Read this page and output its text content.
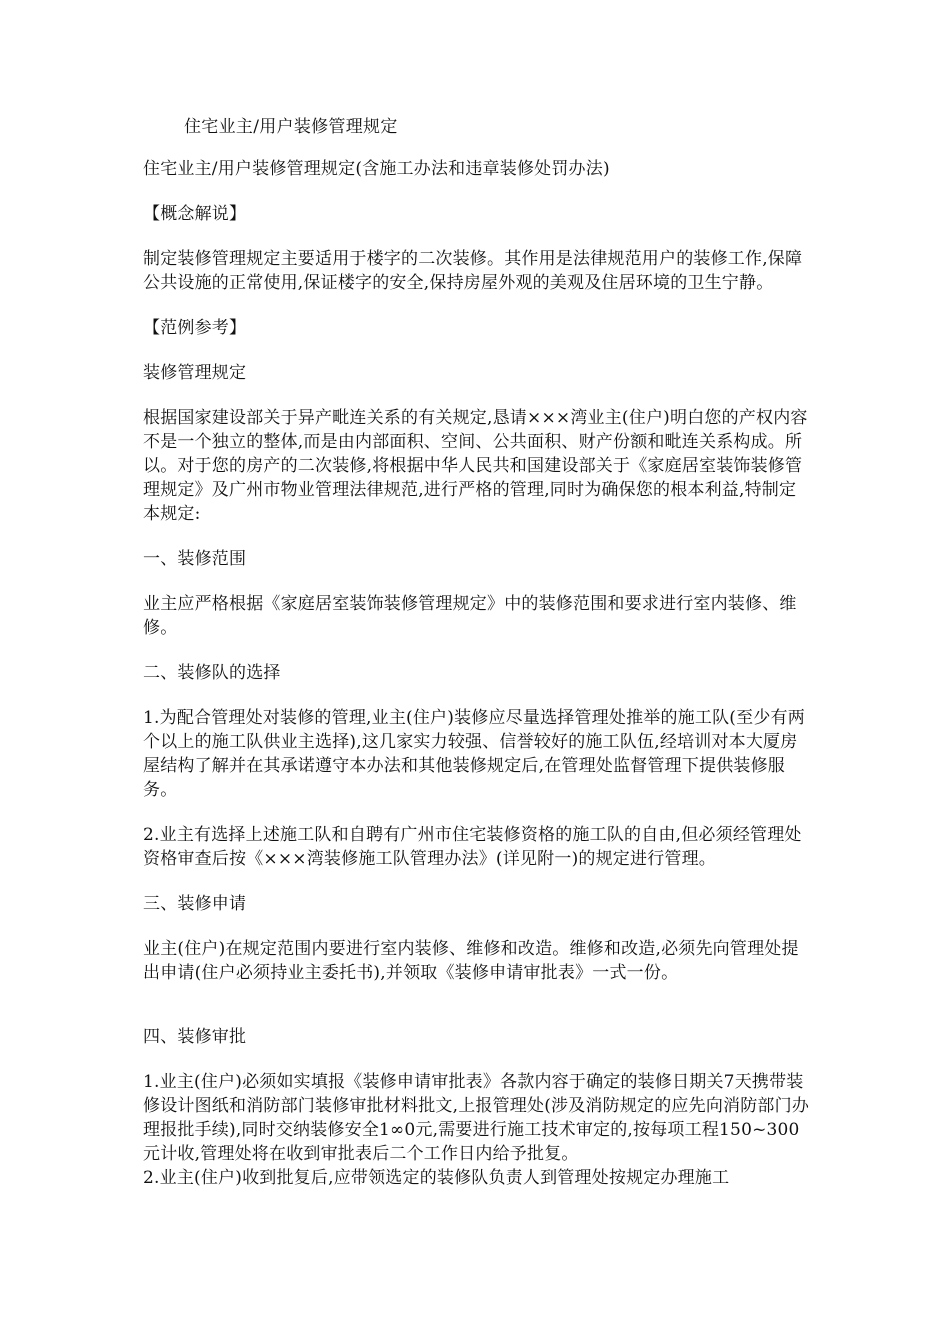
住宅业主/用户装修管理规定

住宅业主/用户装修管理规定(含施工办法和违章装修处罚办法)

【概念解说】

制定装修管理规定主要适用于楼字的二次装修。其作用是法律规范用户的装修工作,保障公共设施的正常使用,保证楼字的安全,保持房屋外观的美观及住居环境的卫生宁静。

【范例参考】

装修管理规定

根据国家建设部关于异产毗连关系的有关规定,恳请×××湾业主(住户)明白您的产权内容不是一个独立的整体,而是由内部面积、空间、公共面积、财产份额和毗连关系构成。所以。对于您的房产的二次装修,将根据中华人民共和国建设部关于《家庭居室装饰装修管理规定》及广州市物业管理法律规范,进行严格的管理,同时为确保您的根本利益,特制定本规定:

一、装修范围

业主应严格根据《家庭居室装饰装修管理规定》中的装修范围和要求进行室内装修、维修。

二、装修队的选择

1.为配合管理处对装修的管理,业主(住户)装修应尽量选择管理处推举的施工队(至少有两个以上的施工队供业主选择),这几家实力较强、信誉较好的施工队伍,经培训对本大厦房屋结构了解并在其承诺遵守本办法和其他装修规定后,在管理处监督管理下提供装修服务。

2.业主有选择上述施工队和自聘有广州市住宅装修资格的施工队的自由,但必须经管理处资格审查后按《×××湾装修施工队管理办法》(详见附一)的规定进行管理。

三、装修申请

业主(住户)在规定范围内要进行室内装修、维修和改造。维修和改造,必须先向管理处提出申请(住户必须持业主委托书),并领取《装修申请审批表》一式一份。

四、装修审批

1.业主(住户)必须如实填报《装修申请审批表》各款内容于确定的装修日期关7天携带装修设计图纸和消防部门装修审批材料批文,上报管理处(涉及消防规定的应先向消防部门办理报批手续),同时交纳装修安全1∞0元,需要进行施工技术审定的,按每项工程150~300元计收,管理处将在收到审批表后二个工作日内给予批复。

2.业主(住户)收到批复后,应带领选定的装修队负责人到管理处按规定办理施工
